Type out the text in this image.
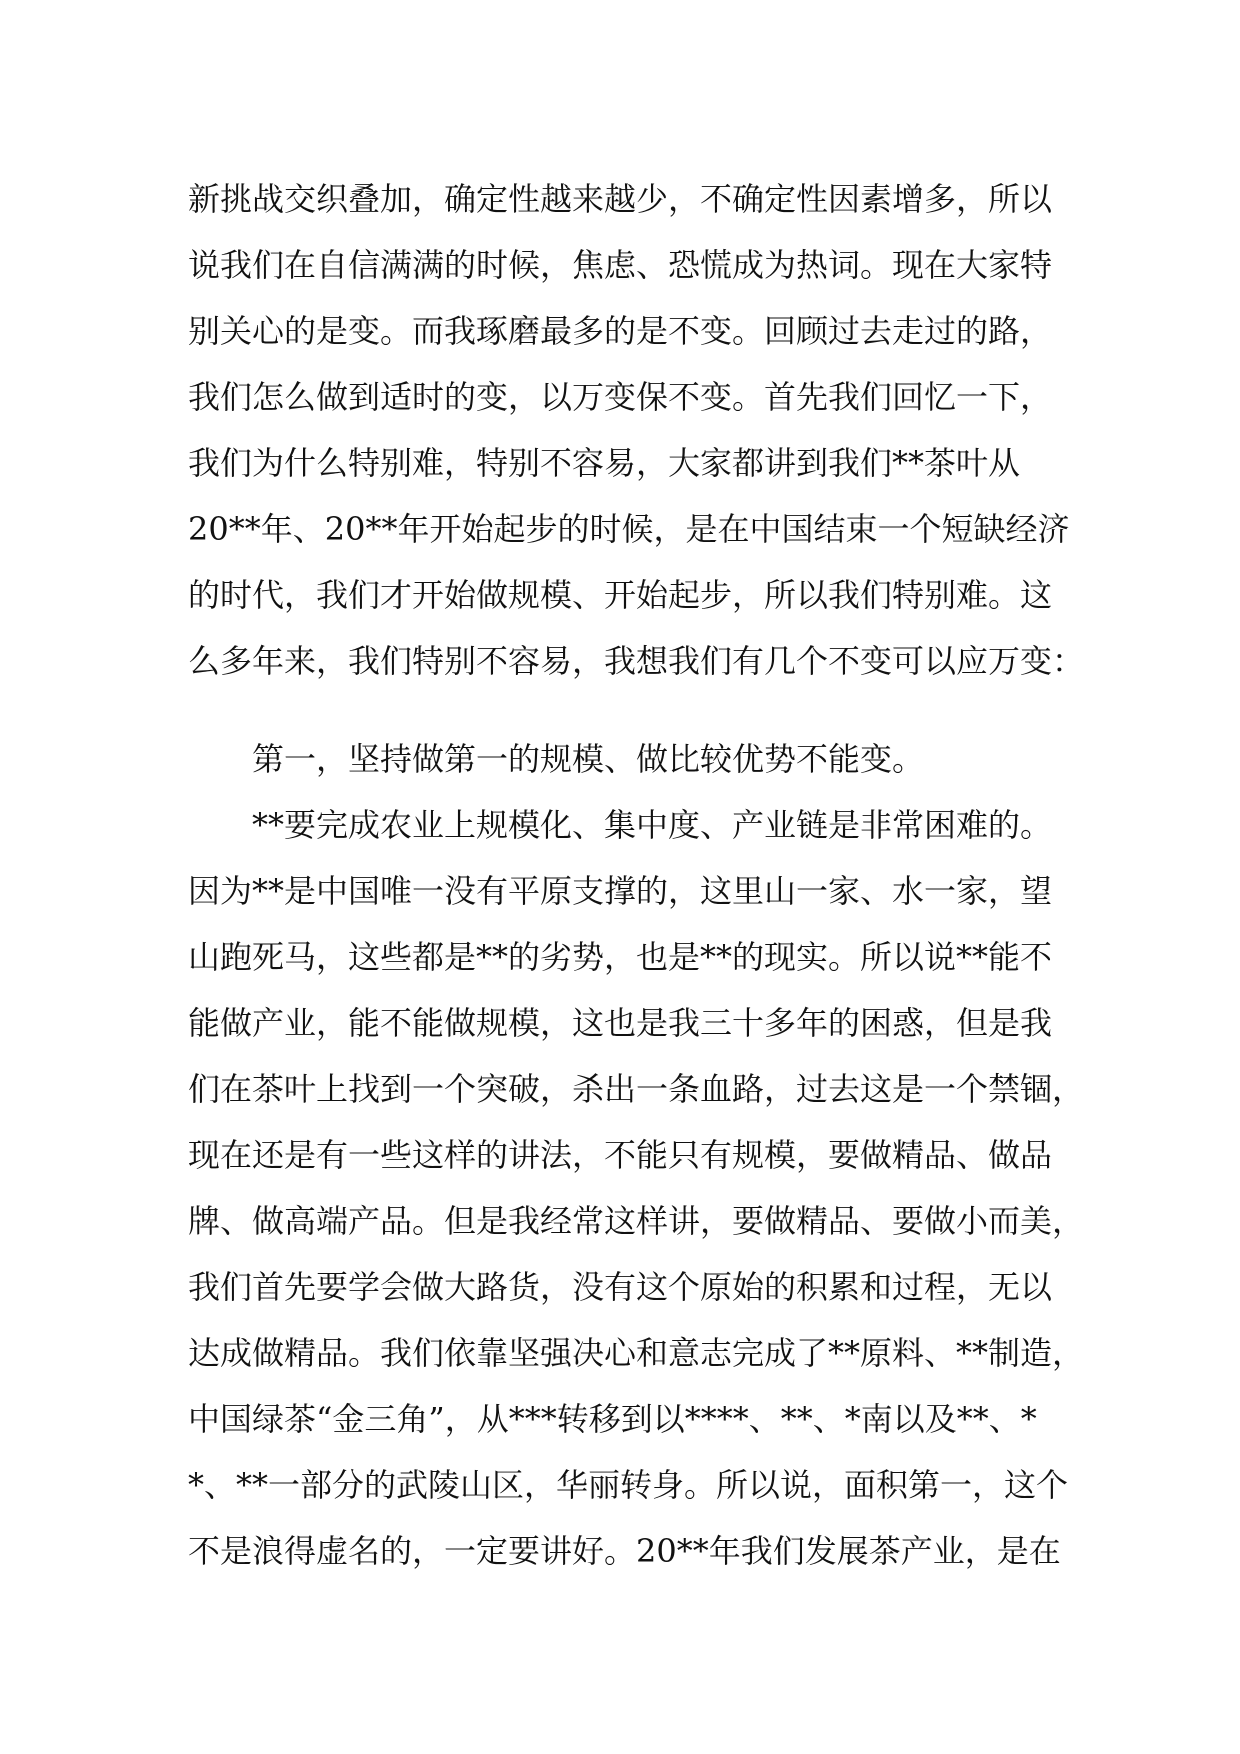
新挑战交织叠加，确定性越来越少，不确定性因素增多，所以
说我们在自信满满的时候，焦虑、恐慌成为热词。现在大家特
别关心的是变。而我琢磨最多的是不变。回顾过去走过的路，
我们怎么做到适时的变，以万变保不变。首先我们回忆一下，
我们为什么特别难，特别不容易，大家都讲到我们**茶叶从
20**年、20**年开始起步的时候，是在中国结束一个短缺经济
的时代，我们才开始做规模、开始起步，所以我们特别难。这
么多年来，我们特别不容易，我想我们有几个不变可以应万变：
第一，坚持做第一的规模、做比较优势不能变。
**要完成农业上规模化、集中度、产业链是非常困难的。
因为**是中国唯一没有平原支撑的，这里山一家、水一家，望
山跑死马，这些都是**的劣势，也是**的现实。所以说**能不
能做产业，能不能做规模，这也是我三十多年的困惑，但是我
们在茶叶上找到一个突破，杀出一条血路，过去这是一个禁锢，
现在还是有一些这样的讲法，不能只有规模，要做精品、做品
牌、做高端产品。但是我经常这样讲，要做精品、要做小而美，
我们首先要学会做大路货，没有这个原始的积累和过程，无以
达成做精品。我们依靠坚强决心和意志完成了**原料、**制造，
中国绿茶“金三角”，从***转移到以****、**、*南以及**、*
*、**一部分的武陵山区，华丽转身。所以说，面积第一，这个
不是浪得虚名的，一定要讲好。20**年我们发展茶产业，是在
